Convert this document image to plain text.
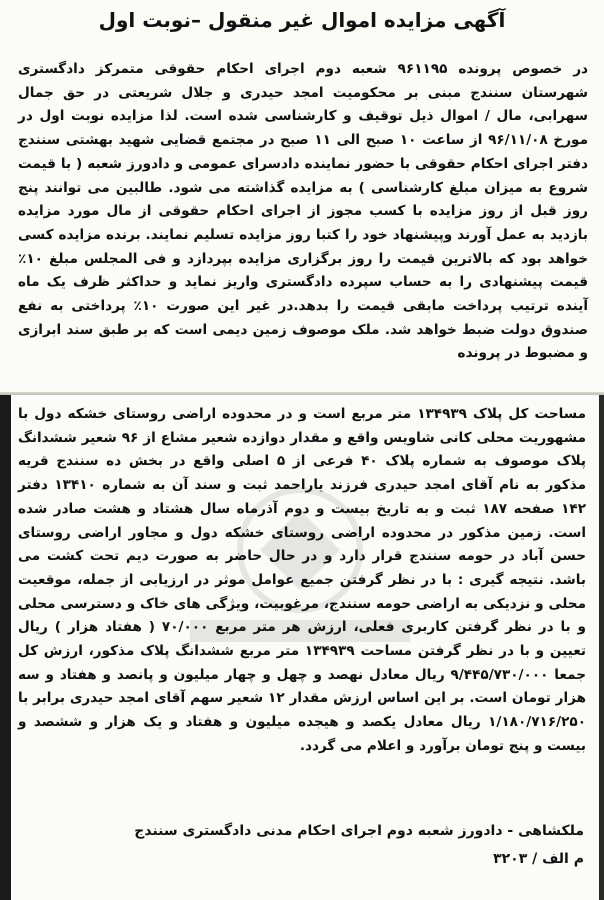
آگهی مزایده اموال غیر منقول –نوبت اول
در خصوص پرونده ۹۶۱۱۹۵ شعبه دوم اجرای احکام حقوقی متمرکز دادگستری شهرستان سنندج مبنی بر محکومیت امجد حیدری و جلال شریعتی در حق جمال سهرابی، مال / اموال ذیل توقیف و کارشناسی شده است. لذا مزایده نوبت اول در مورخ ۹۶/۱۱/۰۸ از ساعت ۱۰ صبح الی ۱۱ صبح در مجتمع قضایی شهید بهشتی سنندج دفتر اجرای احکام حقوقی با حضور نماینده دادسرای عمومی و دادورز شعبه ( با قیمت شروع به میزان مبلغ کارشناسی ) به مزایده گذاشته می شود. طالبین می توانند پنج روز قبل از روز مزایده با کسب مجوز از اجرای احکام حقوقی از مال مورد مزایده بازدید به عمل آورند وپیشنهاد خود را کتبا روز مزایده تسلیم نمایند. برنده مزایده کسی خواهد بود که بالاترین قیمت را روز برگزاری مزایده بپردازد و فی المجلس مبلغ ۱۰٪ قیمت پیشنهادی را به حساب سپرده دادگستری واریز نماید و حداکثر ظرف یک ماه آینده ترتیب پرداخت مابقی قیمت را بدهد.در غیر این صورت ۱۰٪ پرداختی به نفع صندوق دولت ضبط خواهد شد. ملک موصوف زمین دیمی است که بر طبق سند ابرازی و مضبوط در پرونده
مساحت کل پلاک ۱۳۴۹۳۹ متر مربع است و در محدوده اراضی روستای خشکه دول با مشهوریت محلی کانی شاویس واقع و مقدار دوازده شعیر مشاع از ۹۶ شعیر ششدانگ پلاک موصوف به شماره پلاک ۴۰ فرعی از ۵ اصلی واقع در بخش ده سنندج قریه مذکور به نام آقای امجد حیدری فرزند یاراحمد ثبت و سند آن به شماره ۱۳۴۱۰ دفتر ۱۴۲ صفحه ۱۸۷ ثبت و به تاریخ بیست و دوم آذرماه سال هشتاد و هشت صادر شده است. زمین مذکور در محدوده اراضی روستای خشکه دول و مجاور اراضی روستای حسن آباد در حومه سنندج قرار دارد و در حال حاضر به صورت دیم تحت کشت می باشد. نتیجه گیری : با در نظر گرفتن جمیع عوامل موثر در ارزیابی از جمله، موقعیت محلی و نزدیکی به اراضی حومه سنندج، مرغوبیت، ویژگی های خاک و دسترسی محلی و با در نظر گرفتن کاربری فعلی، ارزش هر متر مربع ۷۰/۰۰۰ ( هفتاد هزار ) ریال تعیین و با در نظر گرفتن مساحت ۱۳۴۹۳۹ متر مربع ششدانگ پلاک مذکور، ارزش کل جمعا ۹/۴۴۵/۷۳۰/۰۰۰ ریال معادل نهصد و چهل و چهار میلیون و پانصد و هفتاد و سه هزار تومان است. بر این اساس ارزش مقدار ۱۲ شعیر سهم آقای امجد حیدری برابر با ۱/۱۸۰/۷۱۶/۲۵۰ ریال معادل یکصد و هیجده میلیون و هفتاد و یک هزار و ششصد و بیست و پنج تومان برآورد و اعلام می گردد.
ملکشاهی - دادورز شعبه دوم اجرای احکام مدنی دادگستری سنندج
م الف / ۳۲۰۳
